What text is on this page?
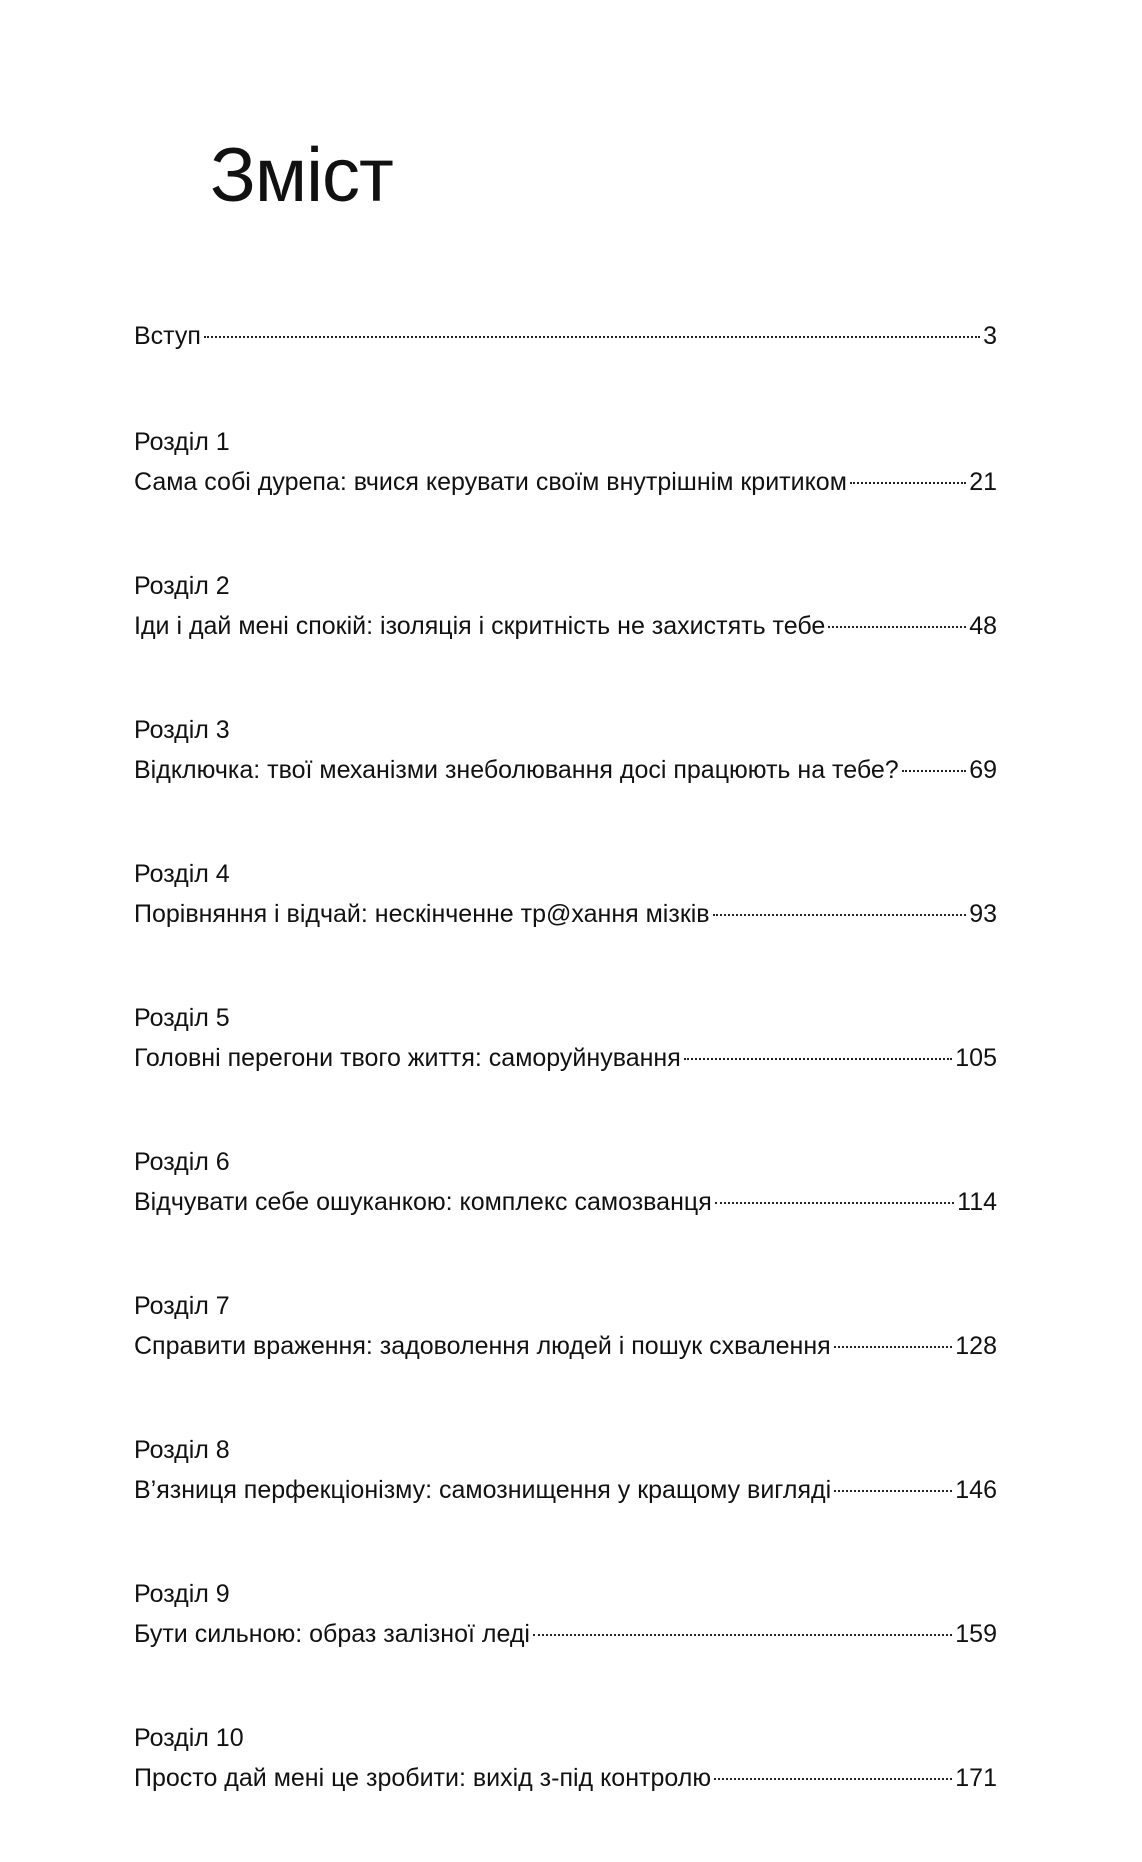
Зміст
Вступ	3
Розділ 1
Сама собі дурепа: вчися керувати своїм внутрішнім критиком	21
Розділ 2
Іди і дай мені спокій: ізоляція і скритність не захистять тебе	48
Розділ 3
Відключка: твої механізми знеболювання досі працюють на тебе?	69
Розділ 4
Порівняння і відчай: нескінченне тр@хання мізків	93
Розділ 5
Головні перегони твого життя: саморуйнування	105
Розділ 6
Відчувати себе ошуканкою: комплекс самозванця	114
Розділ 7
Справити враження: задоволення людей і пошук схвалення	128
Розділ 8
В’язниця перфекціонізму: самознищення у кращому вигляді	146
Розділ 9
Бути сильною: образ залізної леді	159
Розділ 10
Просто дай мені це зробити: вихід з-під контролю	171
